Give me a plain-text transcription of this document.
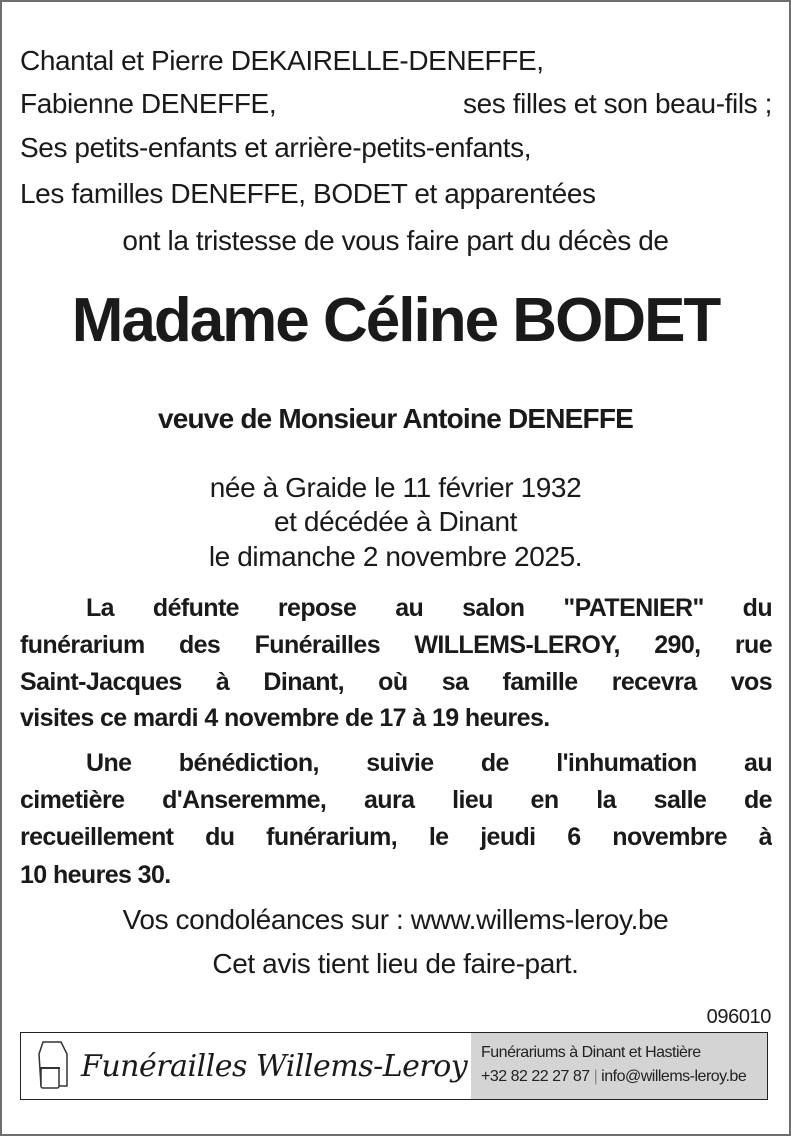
Chantal et Pierre DEKAIRELLE-DENEFFE,
Fabienne DENEFFE,	ses filles et son beau-fils ;
Ses petits-enfants et arrière-petits-enfants,
Les familles DENEFFE, BODET et apparentées
ont la tristesse de vous faire part du décès de
Madame Céline BODET
veuve de Monsieur Antoine DENEFFE
née à Graide le 11 février 1932
et décédée à Dinant
le dimanche 2 novembre 2025.
La défunte repose au salon "PATENIER" du
funérarium des Funérailles WILLEMS-LEROY, 290, rue
Saint-Jacques à Dinant, où sa famille recevra vos
visites ce mardi 4 novembre de 17 à 19 heures.
Une bénédiction, suivie de l'inhumation au
cimetière d'Anseremme, aura lieu en la salle de
recueillement du funérarium, le jeudi 6 novembre à
10 heures 30.
Vos condoléances sur : www.willems-leroy.be
Cet avis tient lieu de faire-part.
096010
Funérailles Willems-Leroy Funérariums à Dinant et Hastière
+32 82 22 27 87 | info@willems-leroy.be
